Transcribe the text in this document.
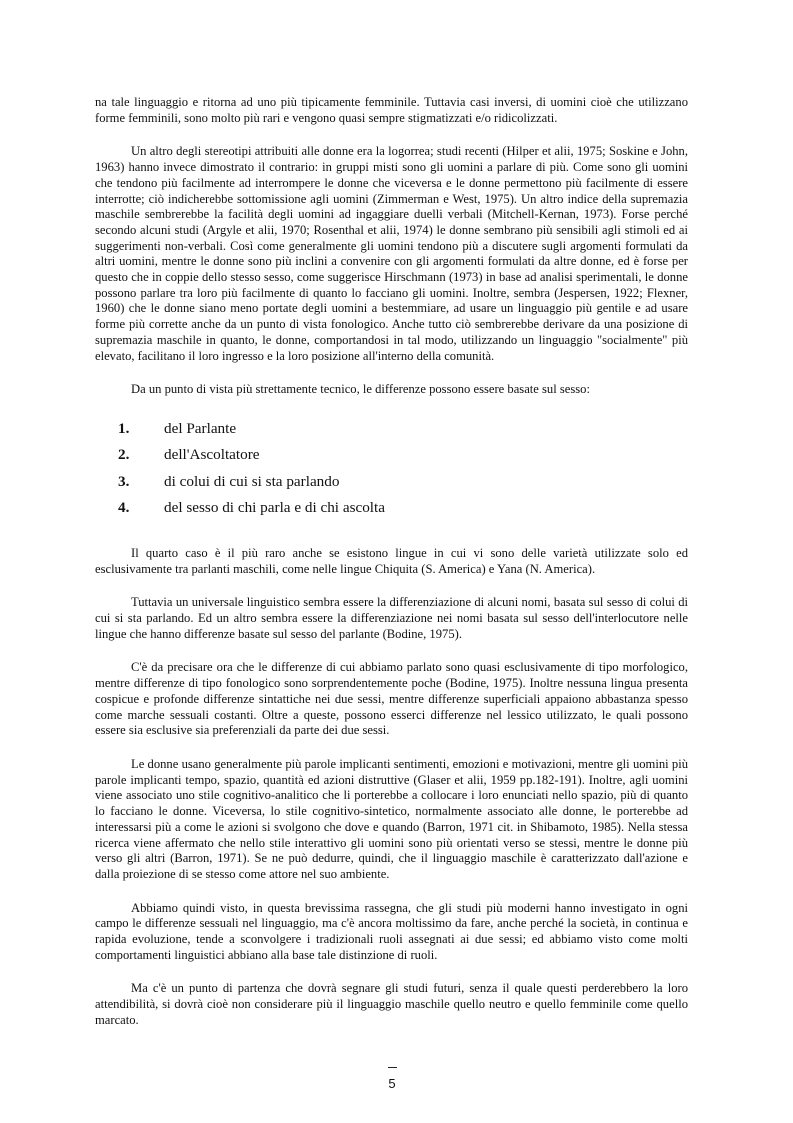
na tale linguaggio e ritorna ad uno più tipicamente femminile. Tuttavia casi inversi, di uomini cioè che utilizzano forme femminili, sono molto più rari e vengono quasi sempre stigmatizzati e/o ridicolizzati.

Un altro degli stereotipi attribuiti alle donne era la logorrea; studi recenti (Hilper et alii, 1975; Soskine e John, 1963) hanno invece dimostrato il contrario: in gruppi misti sono gli uomini a parlare di più. Come sono gli uomini che tendono più facilmente ad interrompere le donne che viceversa e le donne permettono più facilmente di essere interrotte; ciò indicherebbe sottomissione agli uomini (Zimmerman e West, 1975). Un altro indice della supremazia maschile sembrerebbe la facilità degli uomini ad ingaggiare duelli verbali (Mitchell-Kernan, 1973). Forse perché secondo alcuni studi (Argyle et alii, 1970; Rosenthal et alii, 1974) le donne sembrano più sensibili agli stimoli ed ai suggerimenti non-verbali. Così come generalmente gli uomini tendono più a discutere sugli argomenti formulati da altri uomini, mentre le donne sono più inclini a convenire con gli argomenti formulati da altre donne, ed è forse per questo che in coppie dello stesso sesso, come suggerisce Hirschmann (1973) in base ad analisi sperimentali, le donne possono parlare tra loro più facilmente di quanto lo facciano gli uomini. Inoltre, sembra (Jespersen, 1922; Flexner, 1960) che le donne siano meno portate degli uomini a bestemmiare, ad usare un linguaggio più gentile e ad usare forme più corrette anche da un punto di vista fonologico. Anche tutto ciò sembrerebbe derivare da una posizione di supremazia maschile in quanto, le donne, comportandosi in tal modo, utilizzando un linguaggio "socialmente" più elevato, facilitano il loro ingresso e la loro posizione all'interno della comunità.

Da un punto di vista più strettamente tecnico, le differenze possono essere basate sul sesso:

1.	del Parlante
2.	dell'Ascoltatore
3.	di colui di cui si sta parlando
4.	del sesso di chi parla e di chi ascolta

Il quarto caso è il più raro anche se esistono lingue in cui vi sono delle varietà utilizzate solo ed esclusivamente tra parlanti maschili, come nelle lingue Chiquita (S. America) e Yana (N. America).

Tuttavia un universale linguistico sembra essere la differenziazione di alcuni nomi, basata sul sesso di colui di cui si sta parlando. Ed un altro sembra essere la differenziazione nei nomi basata sul sesso dell'interlocutore nelle lingue che hanno differenze basate sul sesso del parlante (Bodine, 1975).

C'è da precisare ora che le differenze di cui abbiamo parlato sono quasi esclusivamente di tipo morfologico, mentre differenze di tipo fonologico sono sorprendentemente poche (Bodine, 1975). Inoltre nessuna lingua presenta cospicue e profonde differenze sintattiche nei due sessi, mentre differenze superficiali appaiono abbastanza spesso come marche sessuali costanti. Oltre a queste, possono esserci differenze nel lessico utilizzato, le quali possono essere sia esclusive sia preferenziali da parte dei due sessi.

Le donne usano generalmente più parole implicanti sentimenti, emozioni e motivazioni, mentre gli uomini più parole implicanti tempo, spazio, quantità ed azioni distruttive (Glaser et alii, 1959 pp.182-191). Inoltre, agli uomini viene associato uno stile cognitivo-analitico che li porterebbe a collocare i loro enunciati nello spazio, più di quanto lo facciano le donne. Viceversa, lo stile cognitivo-sintetico, normalmente associato alle donne, le porterebbe ad interessarsi più a come le azioni si svolgono che dove e quando (Barron, 1971 cit. in Shibamoto, 1985). Nella stessa ricerca viene affermato che nello stile interattivo gli uomini sono più orientati verso se stessi, mentre le donne più verso gli altri (Barron, 1971). Se ne può dedurre, quindi, che il linguaggio maschile è caratterizzato dall'azione e dalla proiezione di se stesso come attore nel suo ambiente.

Abbiamo quindi visto, in questa brevissima rassegna, che gli studi più moderni hanno investigato in ogni campo le differenze sessuali nel linguaggio, ma c'è ancora moltissimo da fare, anche perché la società, in continua e rapida evoluzione, tende a sconvolgere i tradizionali ruoli assegnati ai due sessi; ed abbiamo visto come molti comportamenti linguistici abbiano alla base tale distinzione di ruoli.

Ma c'è un punto di partenza che dovrà segnare gli studi futuri, senza il quale questi perderebbero la loro attendibilità, si dovrà cioè non considerare più il linguaggio maschile quello neutro e quello femminile come quello marcato.

5
